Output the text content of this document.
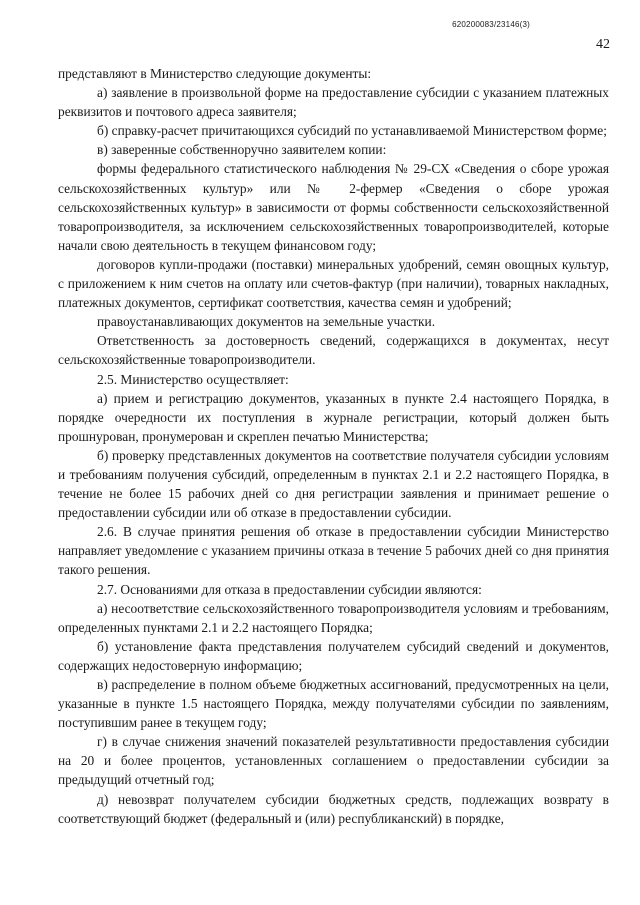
620200083/23146(3)
42

представляют в Министерство следующие документы:

а) заявление в произвольной форме на предоставление субсидии с указанием платежных реквизитов и почтового адреса заявителя;

б) справку-расчет причитающихся субсидий по устанавливаемой Министерством форме;

в) заверенные собственноручно заявителем копии:

формы федерального статистического наблюдения № 29-СХ «Сведения о сборе урожая сельскохозяйственных культур» или № 2-фермер «Сведения о сборе урожая сельскохозяйственных культур» в зависимости от формы собственности сельскохозяйственной товаропроизводителя, за исключением сельскохозяйственных товаропроизводителей, которые начали свою деятельность в текущем финансовом году;

договоров купли-продажи (поставки) минеральных удобрений, семян овощных культур, с приложением к ним счетов на оплату или счетов-фактур (при наличии), товарных накладных, платежных документов, сертификат соответствия, качества семян и удобрений;

правоустанавливающих документов на земельные участки.

Ответственность за достоверность сведений, содержащихся в документах, несут сельскохозяйственные товаропроизводители.

2.5. Министерство осуществляет:

а) прием и регистрацию документов, указанных в пункте 2.4 настоящего Порядка, в порядке очередности их поступления в журнале регистрации, который должен быть прошнурован, пронумерован и скреплен печатью Министерства;

б) проверку представленных документов на соответствие получателя субсидии условиям и требованиям получения субсидий, определенным в пунктах 2.1 и 2.2 настоящего Порядка, в течение не более 15 рабочих дней со дня регистрации заявления и принимает решение о предоставлении субсидии или об отказе в предоставлении субсидии.

2.6. В случае принятия решения об отказе в предоставлении субсидии Министерство направляет уведомление с указанием причины отказа в течение 5 рабочих дней со дня принятия такого решения.

2.7. Основаниями для отказа в предоставлении субсидии являются:

а) несоответствие сельскохозяйственного товаропроизводителя условиям и требованиям, определенных пунктами 2.1 и 2.2 настоящего Порядка;

б) установление факта представления получателем субсидий сведений и документов, содержащих недостоверную информацию;

в) распределение в полном объеме бюджетных ассигнований, предусмотренных на цели, указанные в пункте 1.5 настоящего Порядка, между получателями субсидии по заявлениям, поступившим ранее в текущем году;

г) в случае снижения значений показателей результативности предоставления субсидии на 20 и более процентов, установленных соглашением о предоставлении субсидии за предыдущий отчетный год;

д) невозврат получателем субсидии бюджетных средств, подлежащих возврату в соответствующий бюджет (федеральный и (или) республиканский) в порядке,
